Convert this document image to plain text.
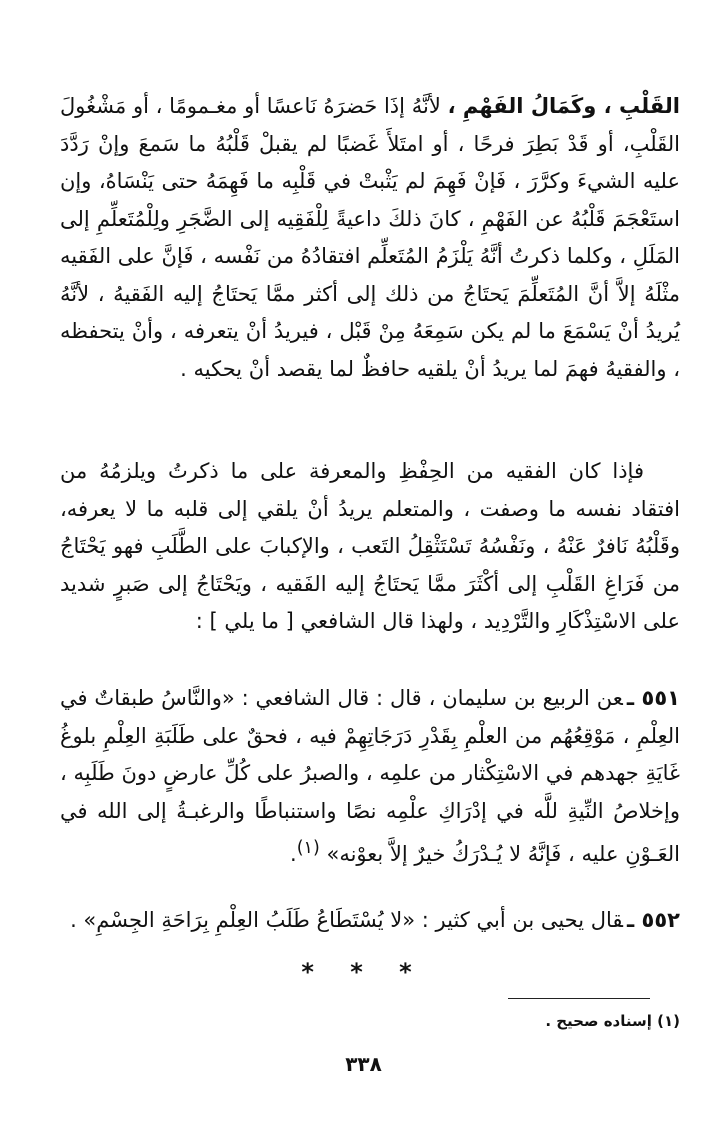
القَلْبِ ، وكَمَالُ الفَهْمِ ، لأنَّهُ إذَا حَضرَهُ نَاعسًا أو مغـمومًا ، أو مَشْغُولَ القَلْبِ، أو قَدْ بَطِرَ فرحًا ، أو امتَلأَ غَضبًا لم يقبلْ قَلْبُهُ ما سَمعَ وإنْ رَدَّدَ عليه الشيءَ وكرَّرَ ، فَإنْ فَهِمَ لم يَثْبتْ في قَلْبِه ما فَهِمَهُ حتى يَنْسَاهُ، وإن استَعْجَمَ قَلْبُهُ عن الفَهْمِ ، كانَ ذلكَ داعيةً لِلْفَقِيه إلى الضَّجَرِ ولِلْمُتَعلِّمِ إلى المَلَلِ ، وكلما ذكرتُ أنَّهُ يَلْزَمُ المُتَعلِّم افتقادُهُ من نَفْسه ، فَإنَّ على الفَقيه مثْلَهُ إلاَّ أنَّ المُتَعلِّمَ يَحتَاجُ من ذلك إلى أكثر ممَّا يَحتَاجُ إليه الفَقيهُ ، لأنَّهُ يُريدُ أنْ يَسْمَعَ ما لم يكن سَمِعَهُ مِنْ قَبْل ، فيريدُ أنْ يتعرفه ، وأنْ يتحفظه ، والفقيهُ فهمَ لما يريدُ أنْ يلقيه حافظٌ لما يقصد أنْ يحكيه .

فإذا كان الفقيه من الحِفْظِ والمعرفة على ما ذكرتُ ويلزمُهُ من افتقاد نفسه ما وصفت ، والمتعلم يريدُ أنْ يلقي إلى قلبه ما لا يعرفه، وقَلْبُهُ نَافرٌ عَنْهُ ، ونَفْسُهُ تَسْتَثْقِلُ التَعب ، والإكبابَ على الطَّلَبِ فهو يَحْتَاجُ من فَرَاغِ القَلْبِ إلى أكْثَرَ ممَّا يَحتَاجُ إليه الفَقيه ، ويَحْتَاجُ إلى صَبرٍ شديد على الاسْتِذْكَارِ والتَّرْدِيد ، ولهذا قال الشافعي [ ما يلي ] :

٥٥١ ـعن الربيع بن سليمان ، قال : قال الشافعي : «والنَّاسُ طبقاتٌ في العِلْمِ ، مَوْقِعُهُم من العلْمِ بِقَدْرِ دَرَجَاتِهِمْ فيه ، فحقٌ على طَلَبَةِ العِلْمِ بلوغُ غَايَةِ جهدهم في الاسْتِكْثار من علمِه ، والصبرُ على كُلِّ عارضٍ دونَ طَلَبِه ، وإخلاصُ النِّيةِ للَّه في إدْرَاكِ علْمِه نصًا واستنباطًا والرغبـةُ إلى الله في العَـوْنِ عليه ، فَإنَّهُ لا يُـدْرَكُ خيرٌ إلاَّ بعوْنه» $^{(١)}$.

٥٥٢ ـقال يحيى بن أبي كثير : «لا يُسْتَطَاعُ طَلَبُ العِلْمِ بِرَاحَةِ الجِسْمِ» .

* * *
(١) إسناده صحيح .
٣٣٨
